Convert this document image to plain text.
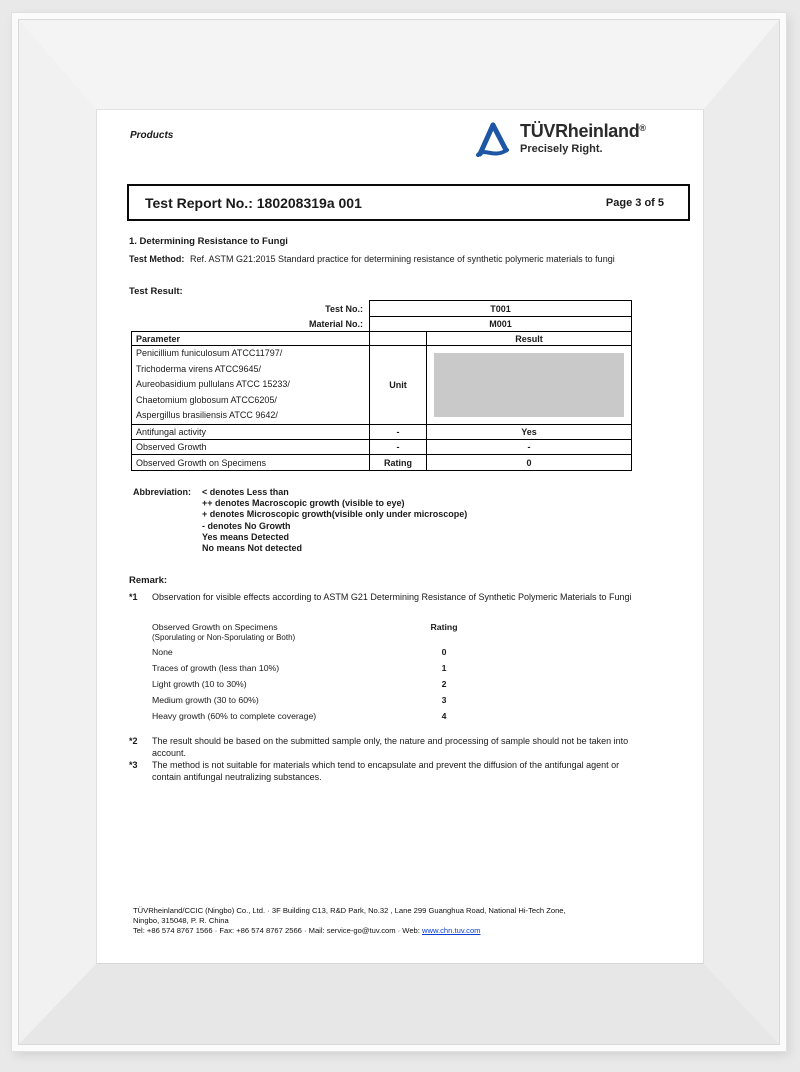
Products	TÜVRheinland®
Precisely Right.
Test Report No.: 180208319a 001	Page 3 of 5
1. Determining Resistance to Fungi
Test Method: Ref. ASTM G21:2015 Standard practice for determining resistance of synthetic polymeric materials to fungi
Test Result:
Test No.:	T001	
Material No.:	M001	
Parameter		Result

Penicillium funiculosum ATCC11797/
Trichoderma virens ATCC9645/
Aureobasidium pullulans ATCC 15233/
Chaetomium globosum ATCC6205/
Aspergillus brasiliensis ATCC 9642/	Unit	

Antifungal activity	-	Yes
Observed Growth	-	-
Observed Growth on Specimens	Rating	0
Abbreviation:	< denotes Less than
++ denotes Macroscopic growth (visible to eye)
+ denotes Microscopic growth(visible only under microscope)
- denotes No Growth
Yes means Detected
No means Not detected
Remark:
*1	Observation for visible effects according to ASTM G21 Determining Resistance of Synthetic Polymeric Materials to Fungi
Observed Growth on Specimens
(Sporulating or Non-Sporulating or Both)
Rating
None	0
Traces of growth (less than 10%)	1
Light growth (10 to 30%)	2
Medium growth (30 to 60%)	3
Heavy growth (60% to complete coverage)	4
*2	The result should be based on the submitted sample only, the nature and processing of sample should not be taken into account.
*3	The method is not suitable for materials which tend to encapsulate and prevent the diffusion of the antifungal agent or contain antifungal neutralizing substances.
TÜVRheinland/CCIC (Ningbo) Co., Ltd. · 3F Building C13, R&D Park, No.32 , Lane 299 Guanghua Road, National Hi-Tech Zone,
Ningbo, 315048, P. R. China
Tel: +86 574 8767 1566 · Fax: +86 574 8767 2566 · Mail: service-go@tuv.com · Web: www.chn.tuv.com
